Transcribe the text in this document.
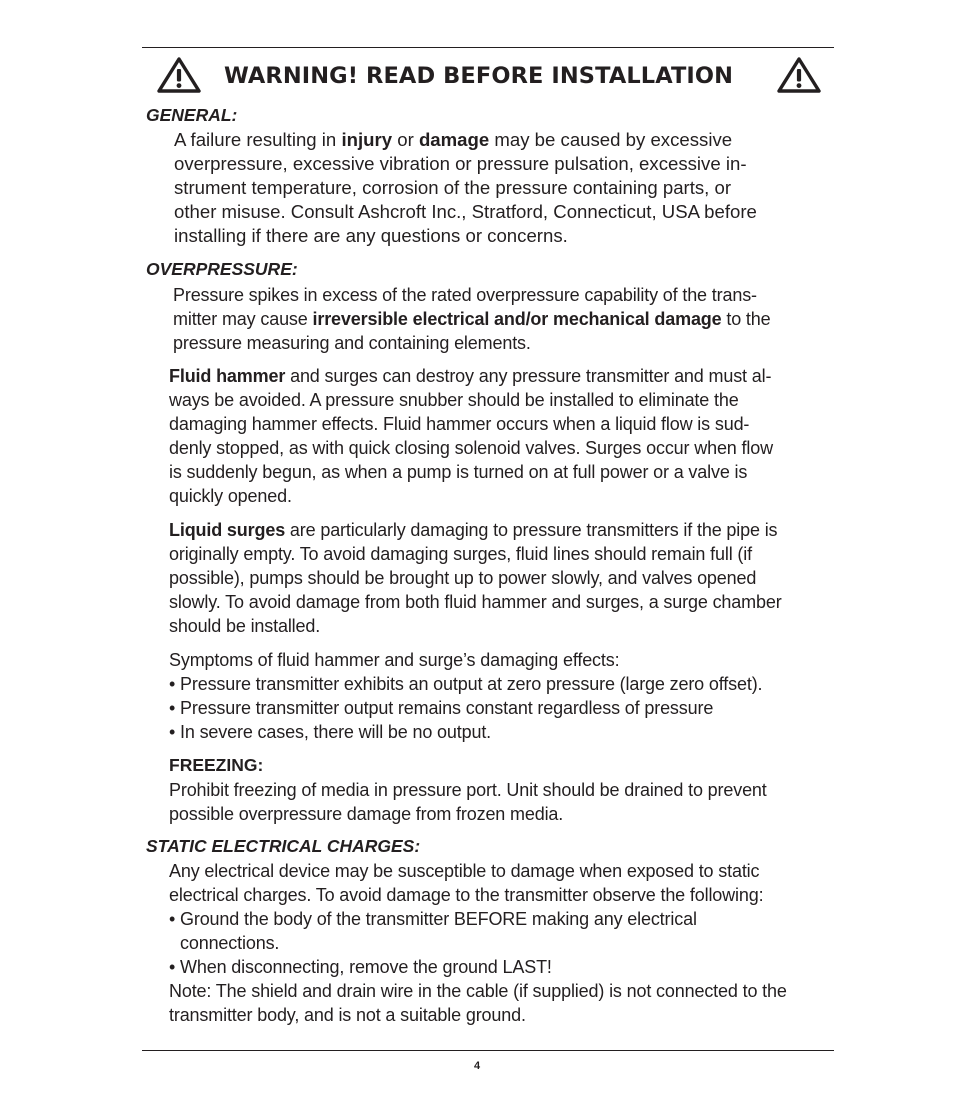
WARNING! READ BEFORE INSTALLATION
GENERAL:
A failure resulting in injury or damage may be caused by excessive
overpressure, excessive vibration or pressure pulsation, excessive in-
strument temperature, corrosion of the pressure containing parts, or
other misuse. Consult Ashcroft Inc., Stratford, Connecticut, USA before
installing if there are any questions or concerns.
OVERPRESSURE:
Pressure spikes in excess of the rated overpressure capability of the trans-
mitter may cause irreversible electrical and/or mechanical damage to the
pressure measuring and containing elements.
Fluid hammer and surges can destroy any pressure transmitter and must al-
ways be avoided. A pressure snubber should be installed to eliminate the
damaging hammer effects. Fluid hammer occurs when a liquid flow is sud-
denly stopped, as with quick closing solenoid valves. Surges occur when flow
is suddenly begun, as when a pump is turned on at full power or a valve is
quickly opened.
Liquid surges are particularly damaging to pressure transmitters if the pipe is
originally empty. To avoid damaging surges, fluid lines should remain full (if
possible), pumps should be brought up to power slowly, and valves opened
slowly. To avoid damage from both fluid hammer and surges, a surge chamber
should be installed.
Symptoms of fluid hammer and surge’s damaging effects:
• Pressure transmitter exhibits an output at zero pressure (large zero offset).
• Pressure transmitter output remains constant regardless of pressure
• In severe cases, there will be no output.
FREEZING:
Prohibit freezing of media in pressure port. Unit should be drained to prevent
possible overpressure damage from frozen media.
STATIC ELECTRICAL CHARGES:
Any electrical device may be susceptible to damage when exposed to static
electrical charges. To avoid damage to the transmitter observe the following:
• Ground the body of the transmitter BEFORE making any electrical
connections.
• When disconnecting, remove the ground LAST!
Note: The shield and drain wire in the cable (if supplied) is not connected to the
transmitter body, and is not a suitable ground.
4
